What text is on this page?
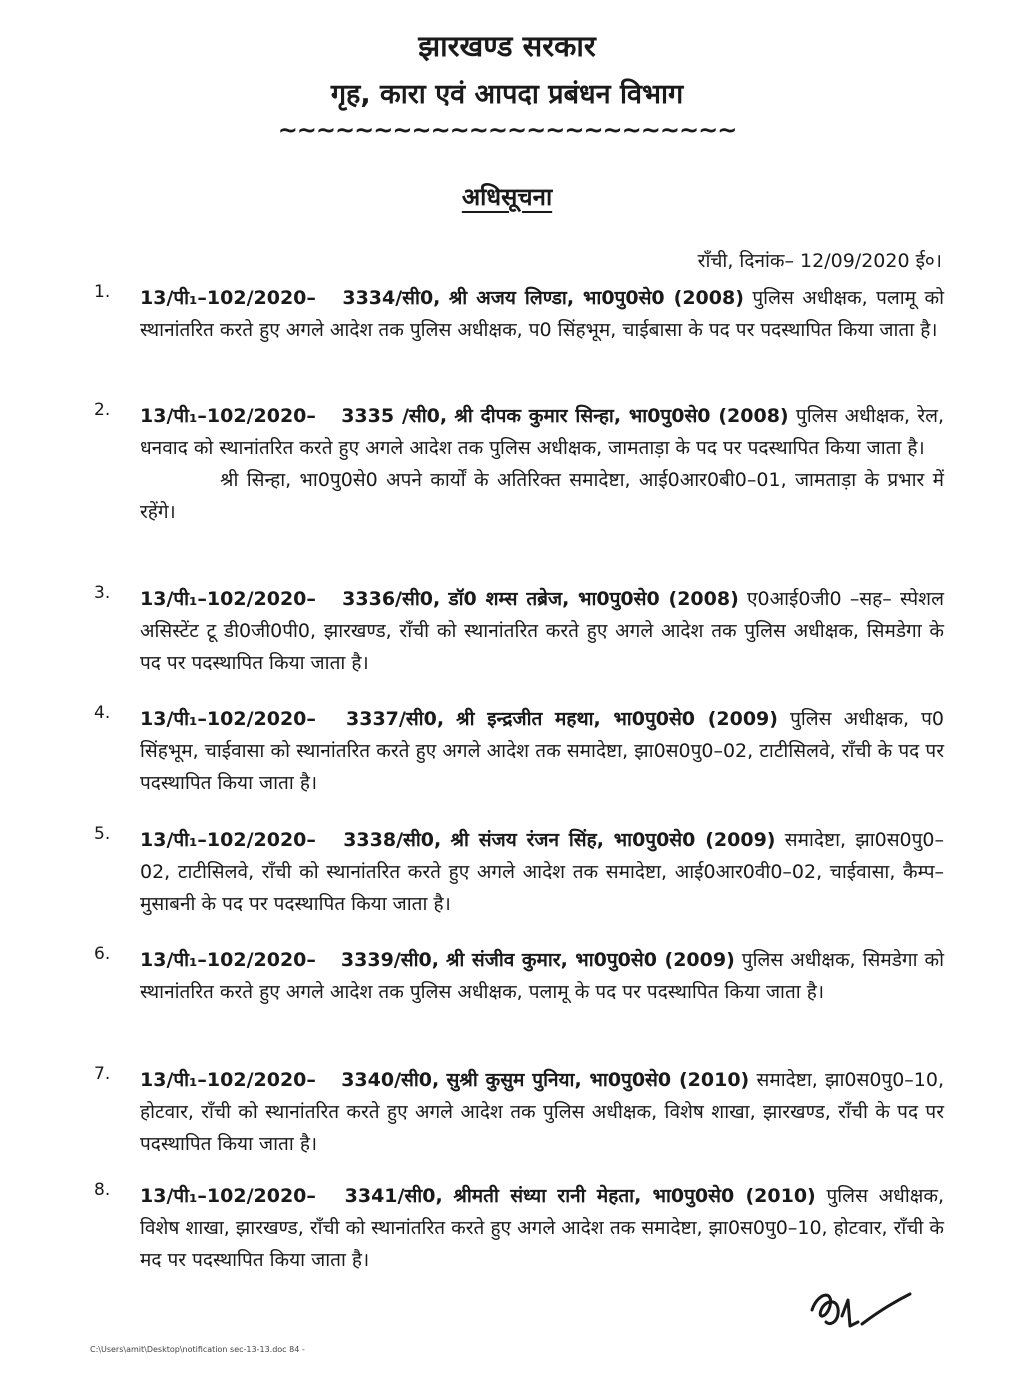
झारखण्ड सरकार
गृह, कारा एवं आपदा प्रबंधन विभाग
~~~~~~~~~~~~~~~~~~~~~~~~
अधिसूचना
राँची, दिनांक– 12/09/2020 ई०।
1. 13/पी₁–102/2020– 3334/सी0, श्री अजय लिण्डा, भा0पु0से0 (2008) पुलिस अधीक्षक, पलामू को स्थानांतरित करते हुए अगले आदेश तक पुलिस अधीक्षक, प0 सिंहभूम, चाईबासा के पद पर पदस्थापित किया जाता है।
2. 13/पी₁–102/2020– 3335 /सी0, श्री दीपक कुमार सिन्हा, भा0पु0से0 (2008) पुलिस अधीक्षक, रेल, धनवाद को स्थानांतरित करते हुए अगले आदेश तक पुलिस अधीक्षक, जामताड़ा के पद पर पदस्थापित किया जाता है।
श्री सिन्हा, भा0पु0से0 अपने कार्यों के अतिरिक्त समादेष्टा, आई0आर0बी0–01, जामताड़ा के प्रभार में रहेंगे।
3. 13/पी₁–102/2020– 3336/सी0, डॉ0 शम्स तब्रेज, भा0पु0से0 (2008) ए0आई0जी0 –सह– स्पेशल असिस्टेंट टू डी0जी0पी0, झारखण्ड, राँची को स्थानांतरित करते हुए अगले आदेश तक पुलिस अधीक्षक, सिमडेगा के पद पर पदस्थापित किया जाता है।
4. 13/पी₁–102/2020– 3337/सी0, श्री इन्द्रजीत महथा, भा0पु0से0 (2009) पुलिस अधीक्षक, प0 सिंहभूम, चाईवासा को स्थानांतरित करते हुए अगले आदेश तक समादेष्टा, झा0स0पु0–02, टाटीसिलवे, राँची के पद पर पदस्थापित किया जाता है।
5. 13/पी₁–102/2020– 3338/सी0, श्री संजय रंजन सिंह, भा0पु0से0 (2009) समादेष्टा, झा0स0पु0–02, टाटीसिलवे, राँची को स्थानांतरित करते हुए अगले आदेश तक समादेष्टा, आई0आर0वी0–02, चाईवासा, कैम्प–मुसाबनी के पद पर पदस्थापित किया जाता है।
6. 13/पी₁–102/2020– 3339/सी0, श्री संजीव कुमार, भा0पु0से0 (2009) पुलिस अधीक्षक, सिमडेगा को स्थानांतरित करते हुए अगले आदेश तक पुलिस अधीक्षक, पलामू के पद पर पदस्थापित किया जाता है।
7. 13/पी₁–102/2020– 3340/सी0, सुश्री कुसुम पुनिया, भा0पु0से0 (2010) समादेष्टा, झा0स0पु0–10, होटवार, राँची को स्थानांतरित करते हुए अगले आदेश तक पुलिस अधीक्षक, विशेष शाखा, झारखण्ड, राँची के पद पर पदस्थापित किया जाता है।
8. 13/पी₁–102/2020– 3341/सी0, श्रीमती संध्या रानी मेहता, भा0पु0से0 (2010) पुलिस अधीक्षक, विशेष शाखा, झारखण्ड, राँची को स्थानांतरित करते हुए अगले आदेश तक समादेष्टा, झा0स0पु0–10, होटवार, राँची के मद पर पदस्थापित किया जाता है।
C:\Users\amit\Desktop\notification sec-13-13.doc 84 -
